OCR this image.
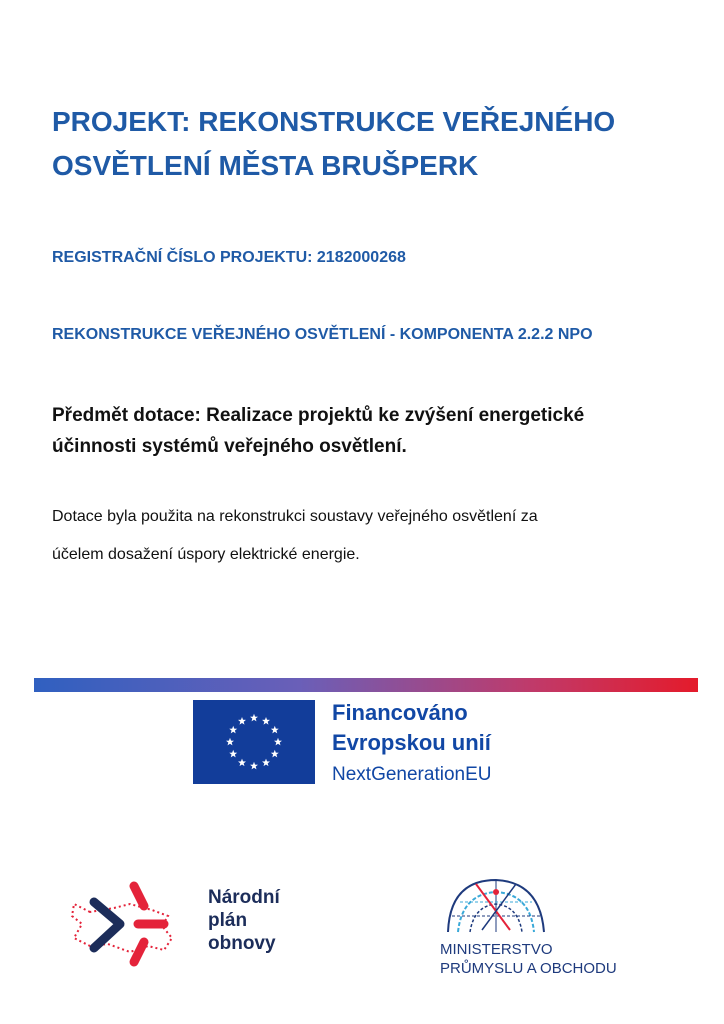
PROJEKT: REKONSTRUKCE VEŘEJNÉHO
OSVĚTLENÍ MĚSTA BRUŠPERK
REGISTRAČNÍ ČÍSLO PROJEKTU: 2182000268
REKONSTRUKCE VEŘEJNÉHO OSVĚTLENÍ - KOMPONENTA 2.2.2 NPO
Předmět dotace: Realizace projektů ke zvýšení energetické
účinnosti systémů veřejného osvětlení.
Dotace byla použita na rekonstrukci soustavy veřejného osvětlení za
účelem dosažení úspory elektrické energie.
Financováno
Evropskou unií
NextGenerationEU
Národní
plán
obnovy	MINISTERSTVO
PRŮMYSLU A OBCHODU
